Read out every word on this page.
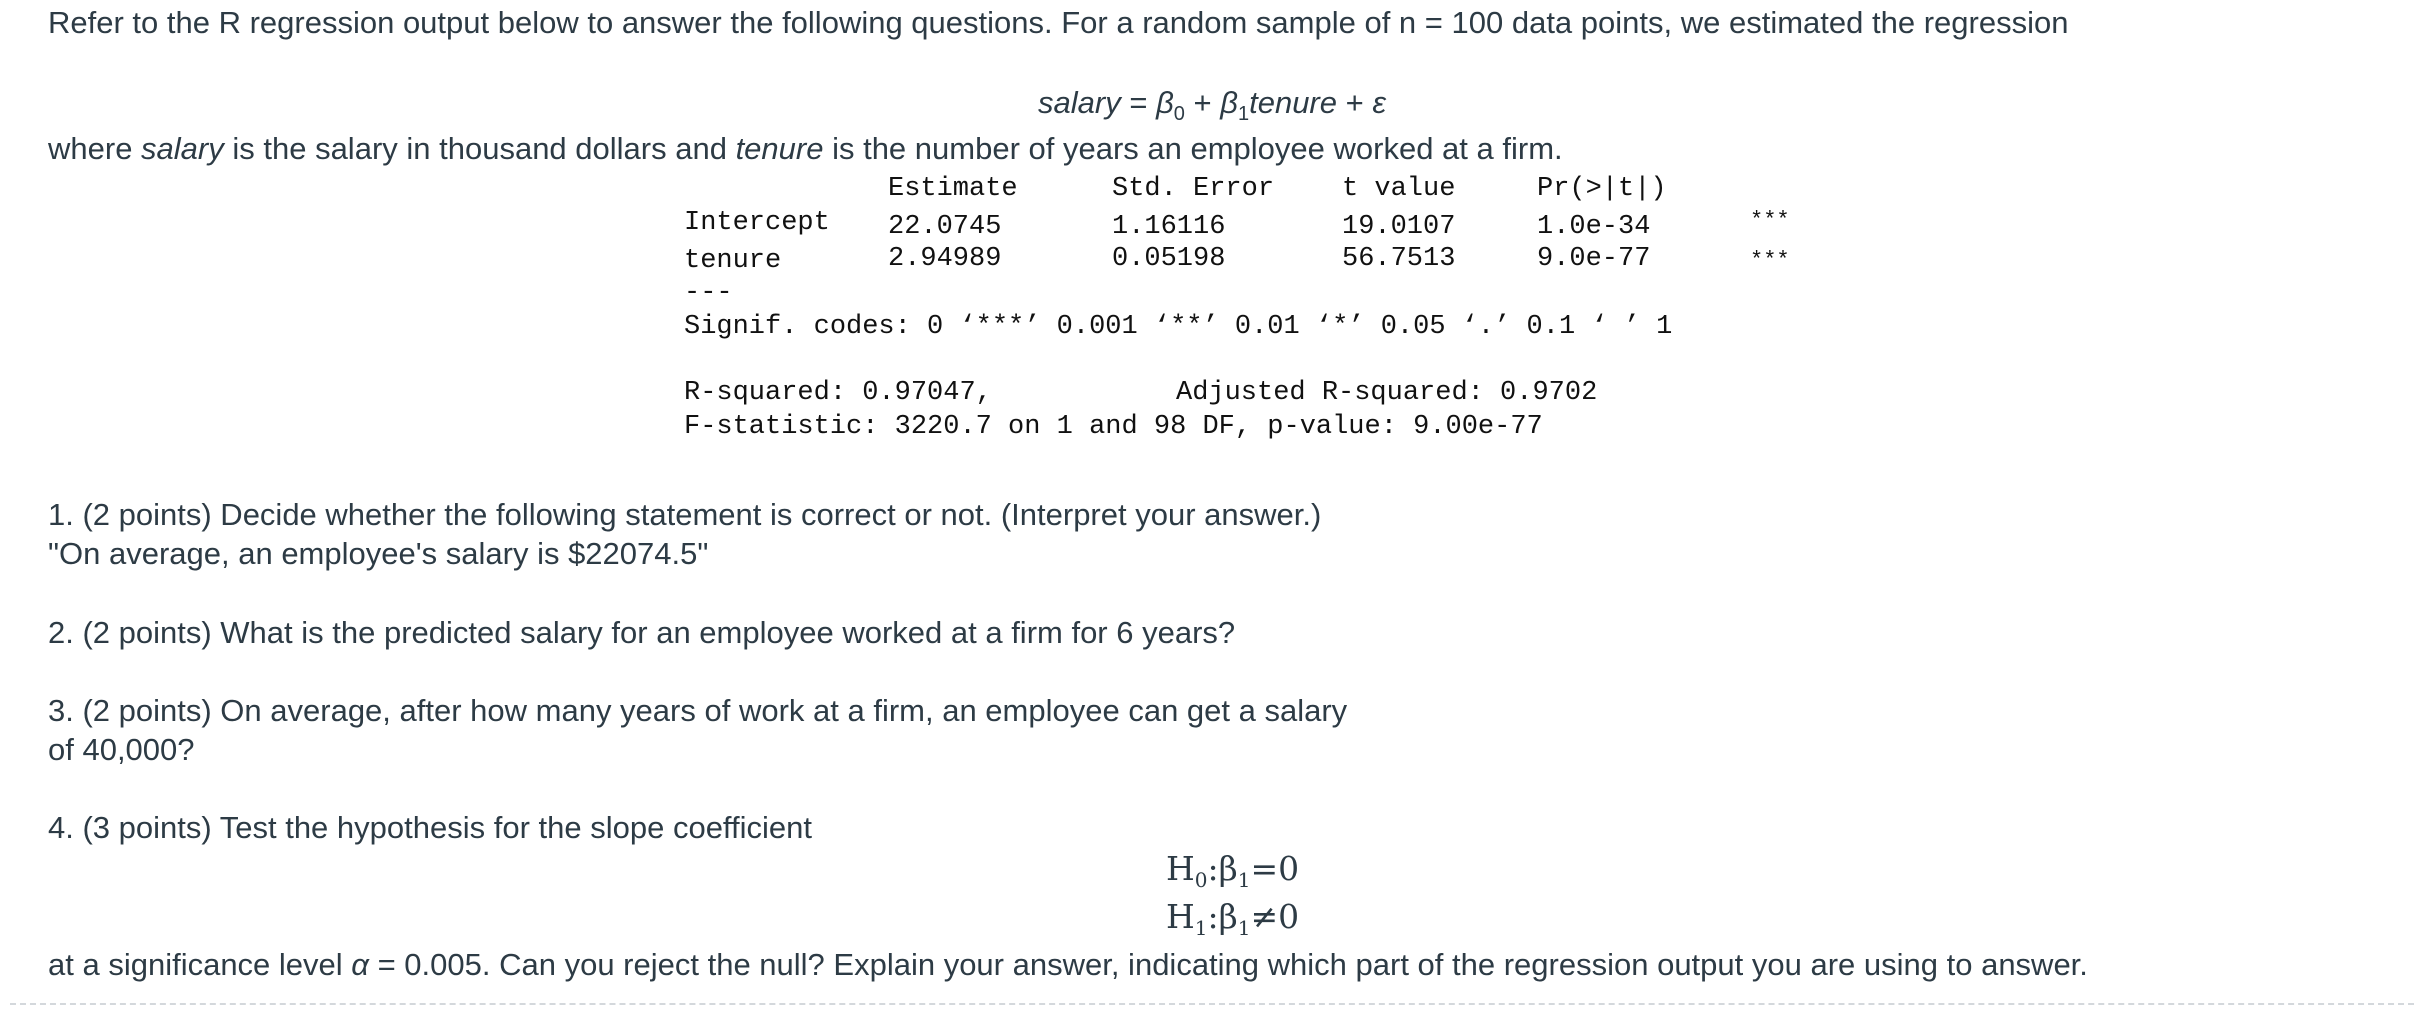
Refer to the R regression output below to answer the following questions. For a random sample of n = 100 data points, we estimated the regression
salary = $\beta_0$ + $\beta_1tenure + \varepsilon$
where salary is the salary in thousand dollars and tenure is the number of years an employee worked at a firm.
Estimate	Std. Error	t value	Pr(>|t|)
Intercept 22.0745	1.16116	19.0107	1.0e-34	***
tenure	2.94989	0.05198	56.7513	9.0e-77	***
---
Signif. codes: 0 ‘***’ 0.001 ‘**’ 0.01 ‘*’ 0.05 ‘.’ 0.1 ‘ ’ 1
R-squared: 0.97047,	Adjusted R-squared: 0.9702
F-statistic: 3220.7 on 1 and 98 DF, p-value: 9.00e-77
1. (2 points) Decide whether the following statement is correct or not. (Interpret your answer.)
"On average, an employee's salary is $22074.5"
2. (2 points) What is the predicted salary for an employee worked at a firm for 6 years?
3. (2 points) On average, after how many years of work at a firm, an employee can get a salary
of 40,000?
4. (3 points) Test the hypothesis for the slope coefficient
$H_0:\beta_1=0$
$H_1:\beta_1\ne 0$
at a significance level α = 0.005. Can you reject the null? Explain your answer, indicating which part of the regression output you are using to answer.
